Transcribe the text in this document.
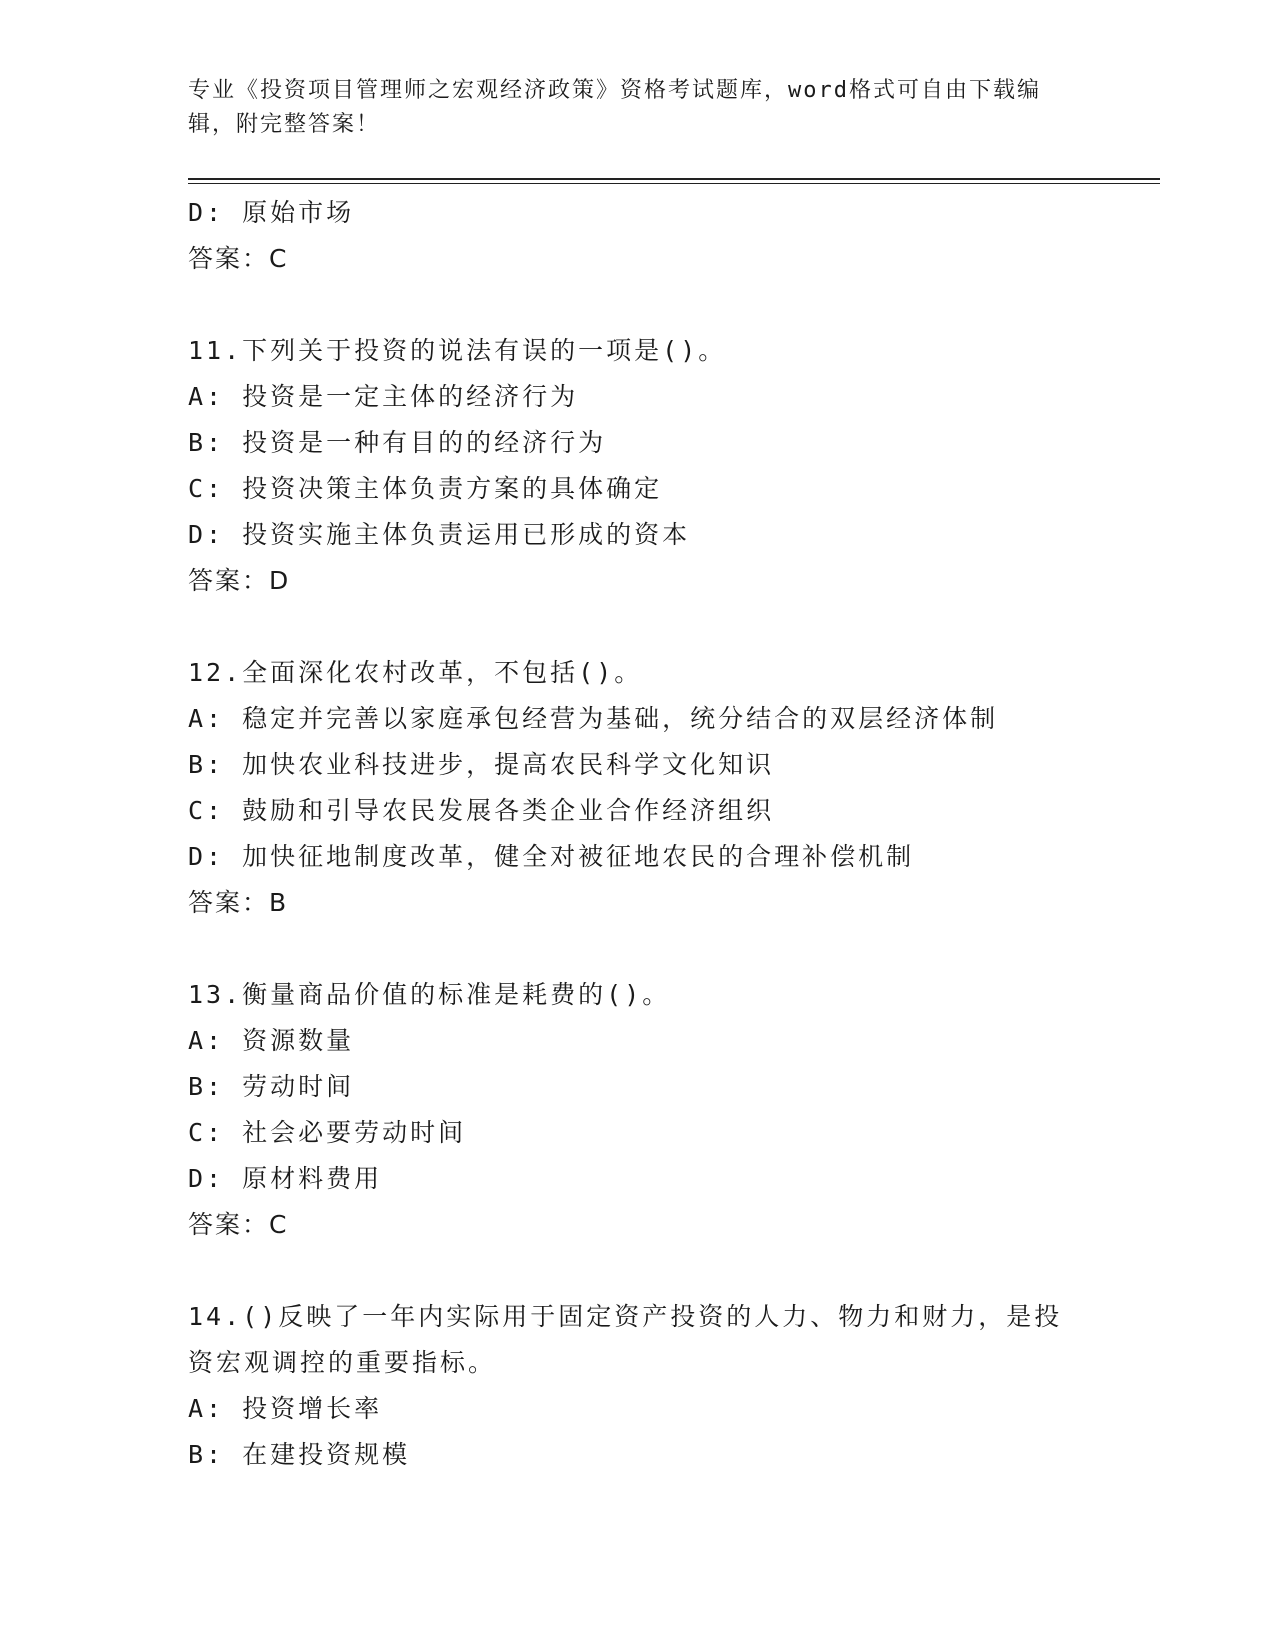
专业《投资项目管理师之宏观经济政策》资格考试题库，word格式可自由下载编辑，附完整答案！
D: 原始市场
答案：C
11.下列关于投资的说法有误的一项是()。
A: 投资是一定主体的经济行为
B: 投资是一种有目的的经济行为
C: 投资决策主体负责方案的具体确定
D: 投资实施主体负责运用已形成的资本
答案：D
12.全面深化农村改革，不包括()。
A: 稳定并完善以家庭承包经营为基础，统分结合的双层经济体制
B: 加快农业科技进步，提高农民科学文化知识
C: 鼓励和引导农民发展各类企业合作经济组织
D: 加快征地制度改革，健全对被征地农民的合理补偿机制
答案：B
13.衡量商品价值的标准是耗费的()。
A: 资源数量
B: 劳动时间
C: 社会必要劳动时间
D: 原材料费用
答案：C
14.()反映了一年内实际用于固定资产投资的人力、物力和财力，是投资宏观调控的重要指标。
A: 投资增长率
B: 在建投资规模
